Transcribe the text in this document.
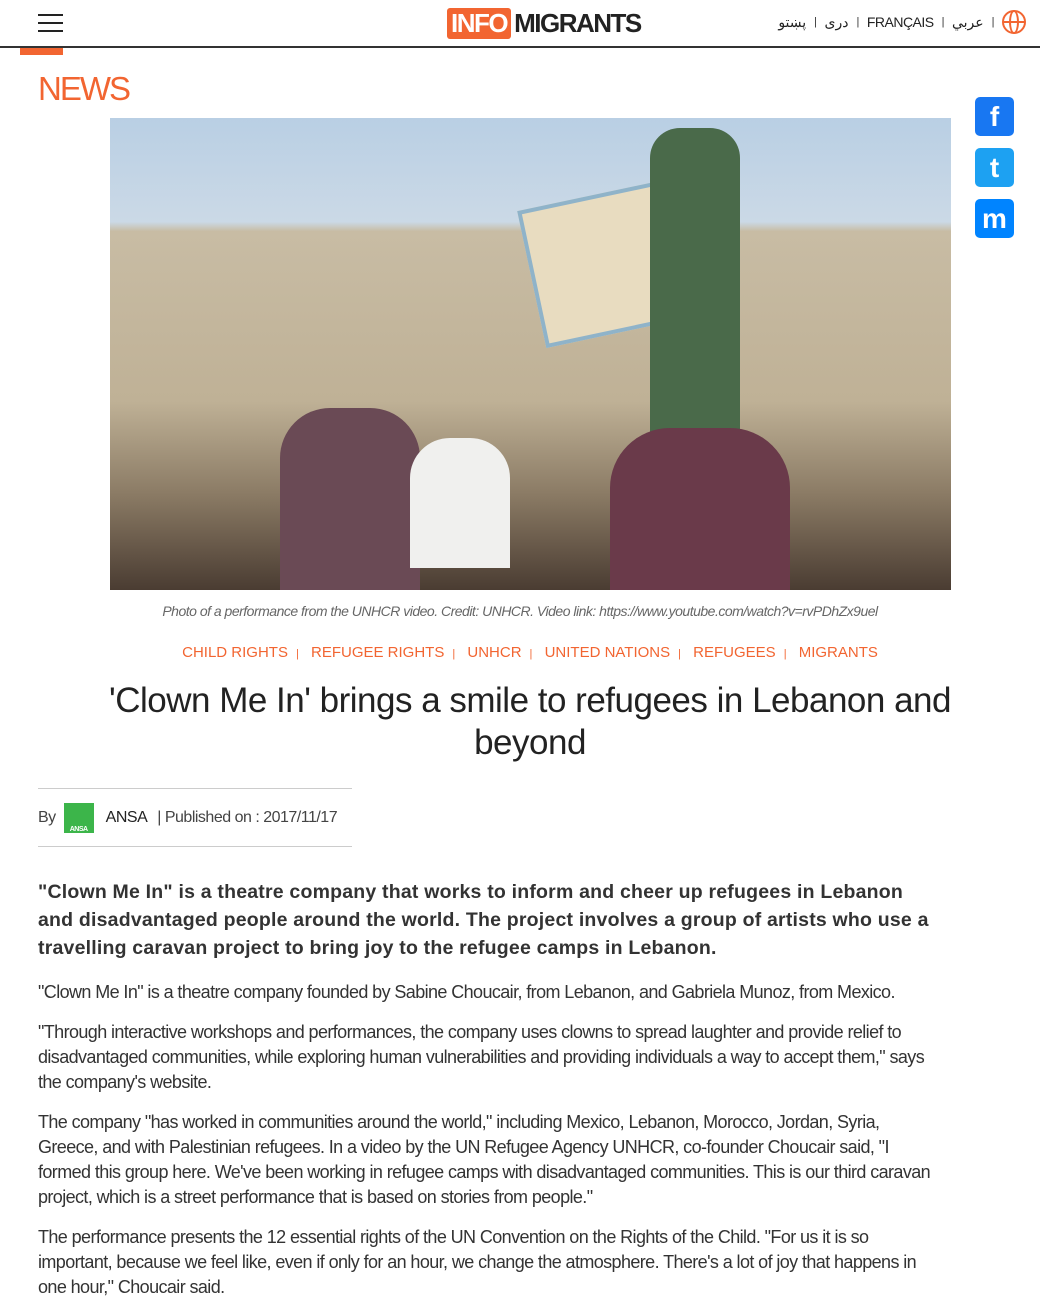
INFO MIGRANTS	پښتو | دری | FRANÇAIS | عربي |
NEWS
f
t
m
Photo of a performance from the UNHCR video. Credit: UNHCR. Video link: https://www.youtube.com/watch?v=rvPDhZx9uel
CHILD RIGHTS | REFUGEE RIGHTS | UNHCR | UNITED NATIONS | REFUGEES | MIGRANTS
'Clown Me In' brings a smile to refugees in Lebanon and beyond
By
ANSA
ANSA | Published on : 2017/11/17

"Clown Me In" is a theatre company that works to inform and cheer up refugees in Lebanon and disadvantaged people around the world. The project involves a group of artists who use a travelling caravan project to bring joy to the refugee camps in Lebanon.

"Clown Me In" is a theatre company founded by Sabine Choucair, from Lebanon, and Gabriela Munoz, from Mexico.

"Through interactive workshops and performances, the company uses clowns to spread laughter and provide relief to disadvantaged communities, while exploring human vulnerabilities and providing individuals a way to accept them," says the company's website.

The company "has worked in communities around the world," including Mexico, Lebanon, Morocco, Jordan, Syria, Greece, and with Palestinian refugees. In a video by the UN Refugee Agency UNHCR, co-founder Choucair said, "I formed this group here. We've been working in refugee camps with disadvantaged communities. This is our third caravan project, which is a street performance that is based on stories from people."

The performance presents the 12 essential rights of the UN Convention on the Rights of the Child. "For us it is so important, because we feel like, even if only for an hour, we change the atmosphere. There's a lot of joy that happens in one hour," Choucair said.
